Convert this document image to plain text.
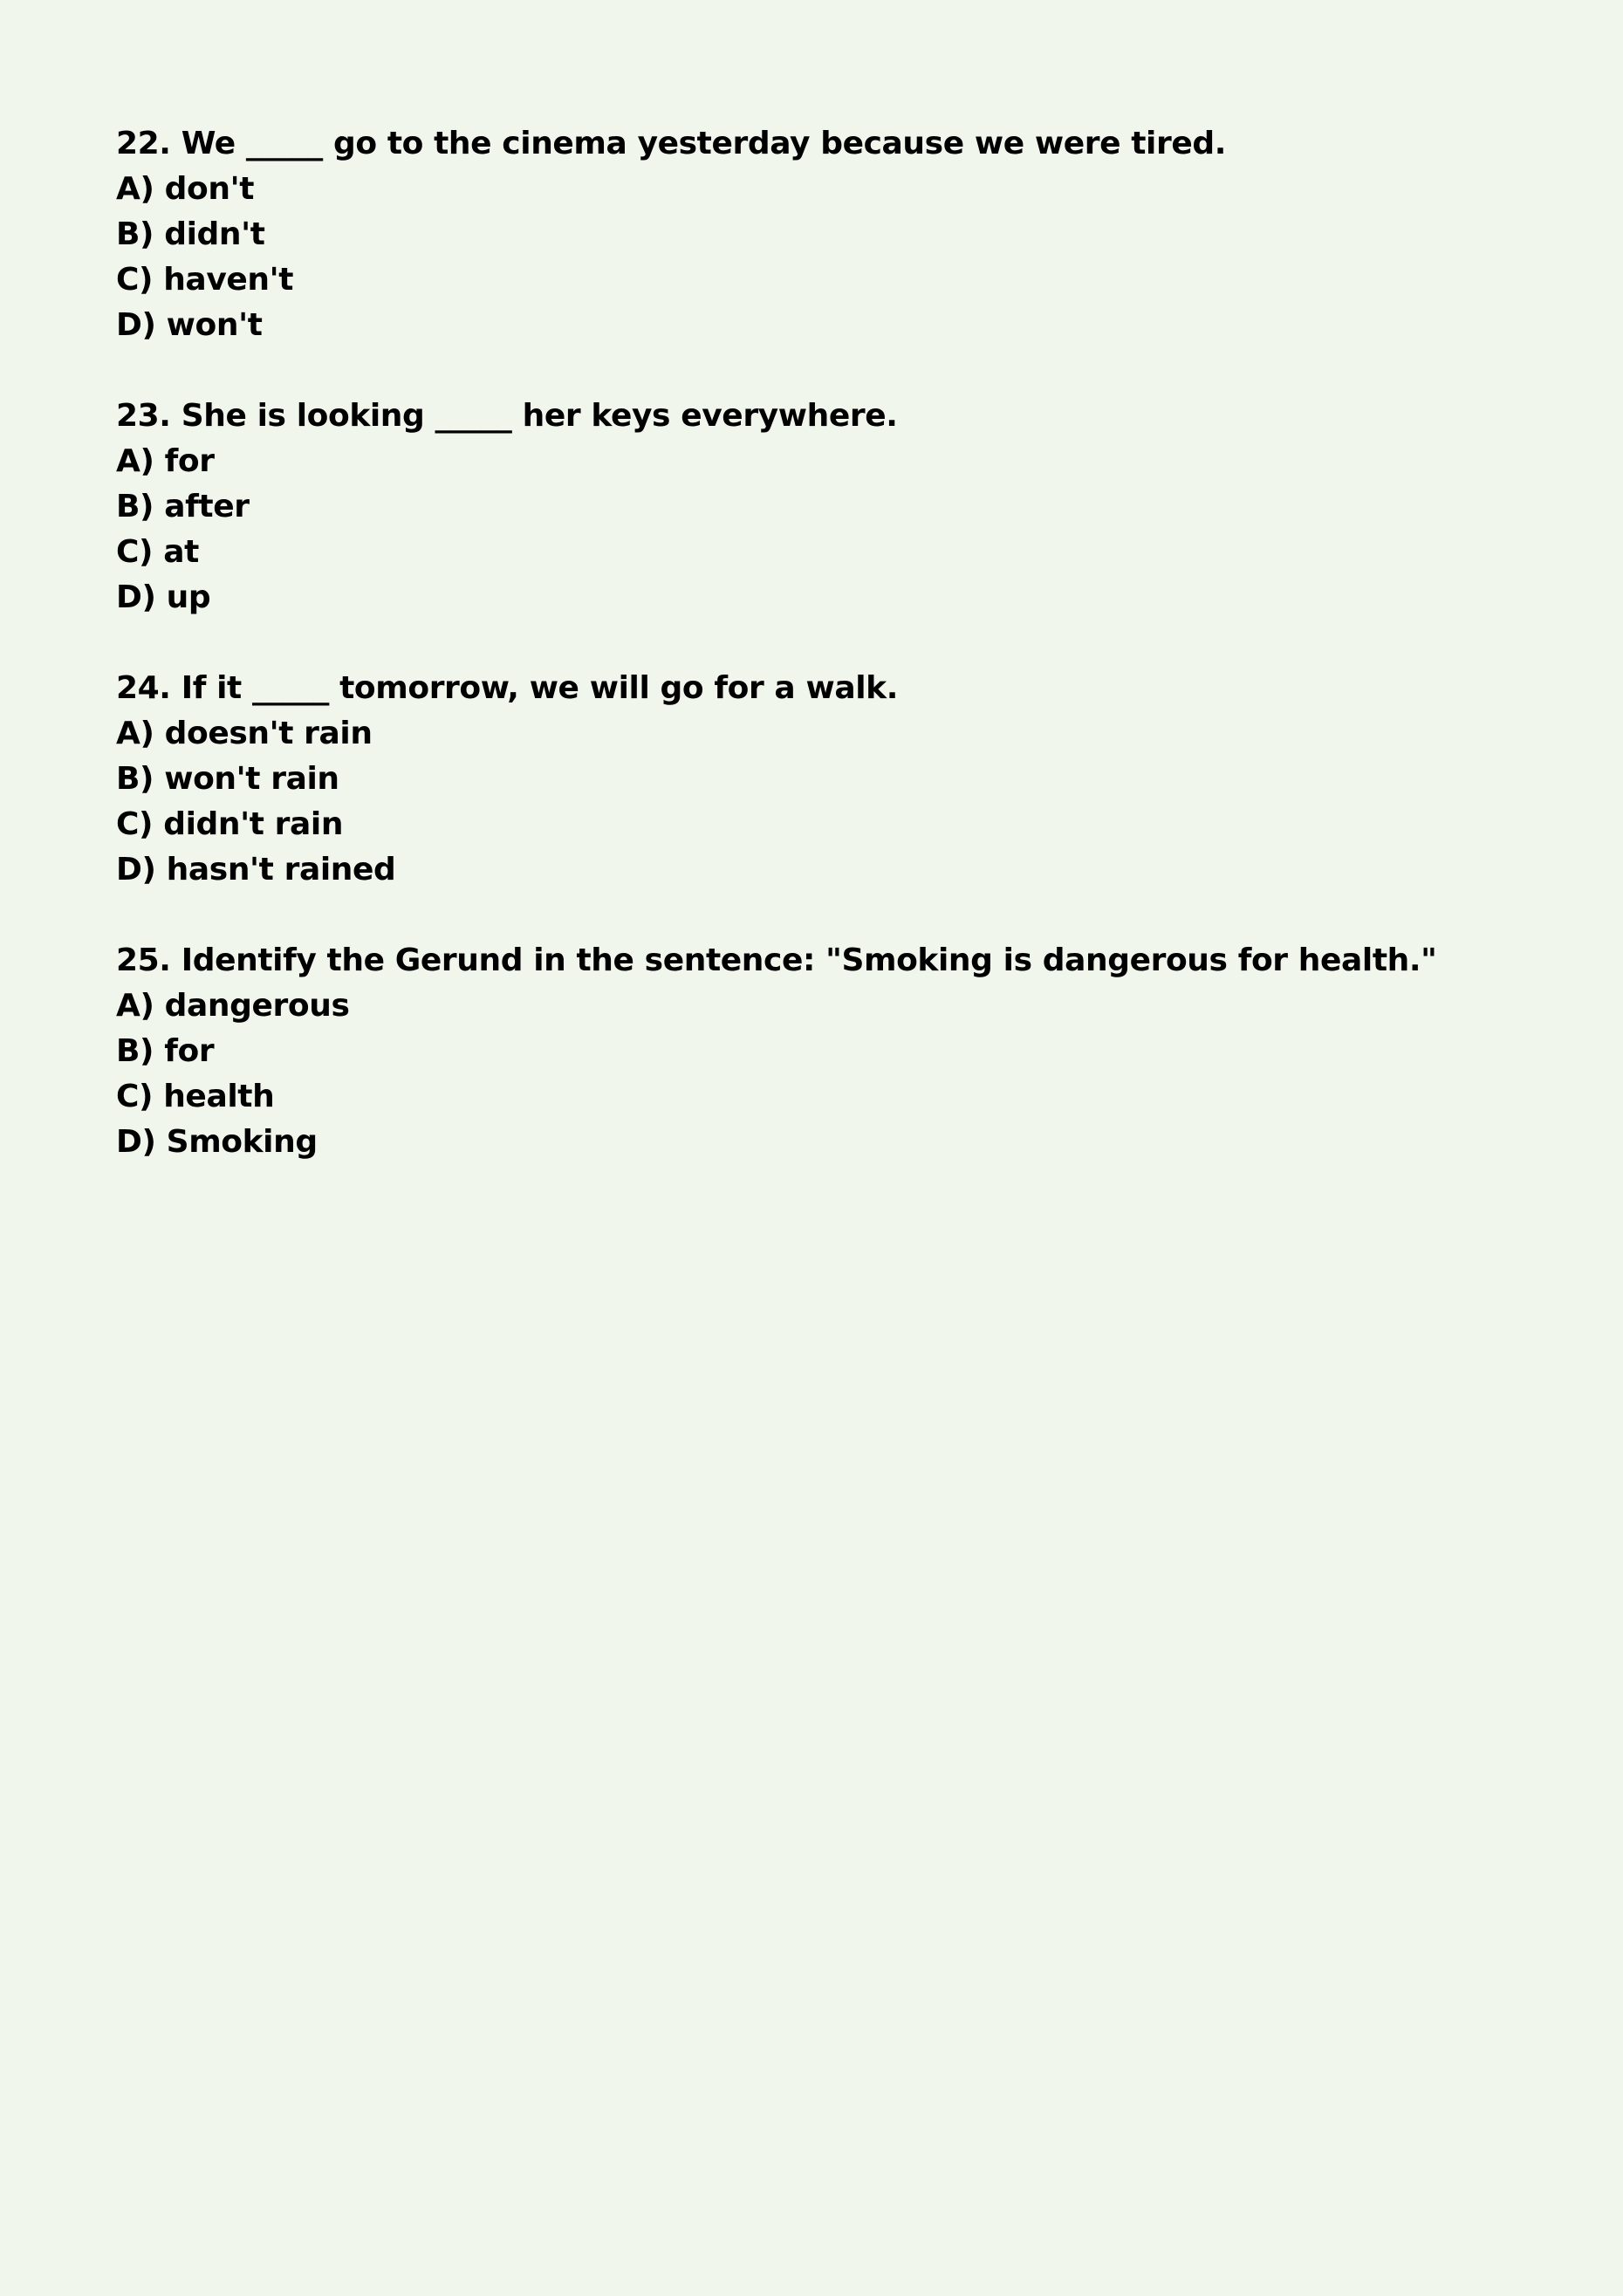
22. We _____ go to the cinema yesterday because we were tired.
A) don't
B) didn't
C) haven't
D) won't
23. She is looking _____ her keys everywhere.
A) for
B) after
C) at
D) up
24. If it _____ tomorrow, we will go for a walk.
A) doesn't rain
B) won't rain
C) didn't rain
D) hasn't rained
25. Identify the Gerund in the sentence: "Smoking is dangerous for health."
A) dangerous
B) for
C) health
D) Smoking
